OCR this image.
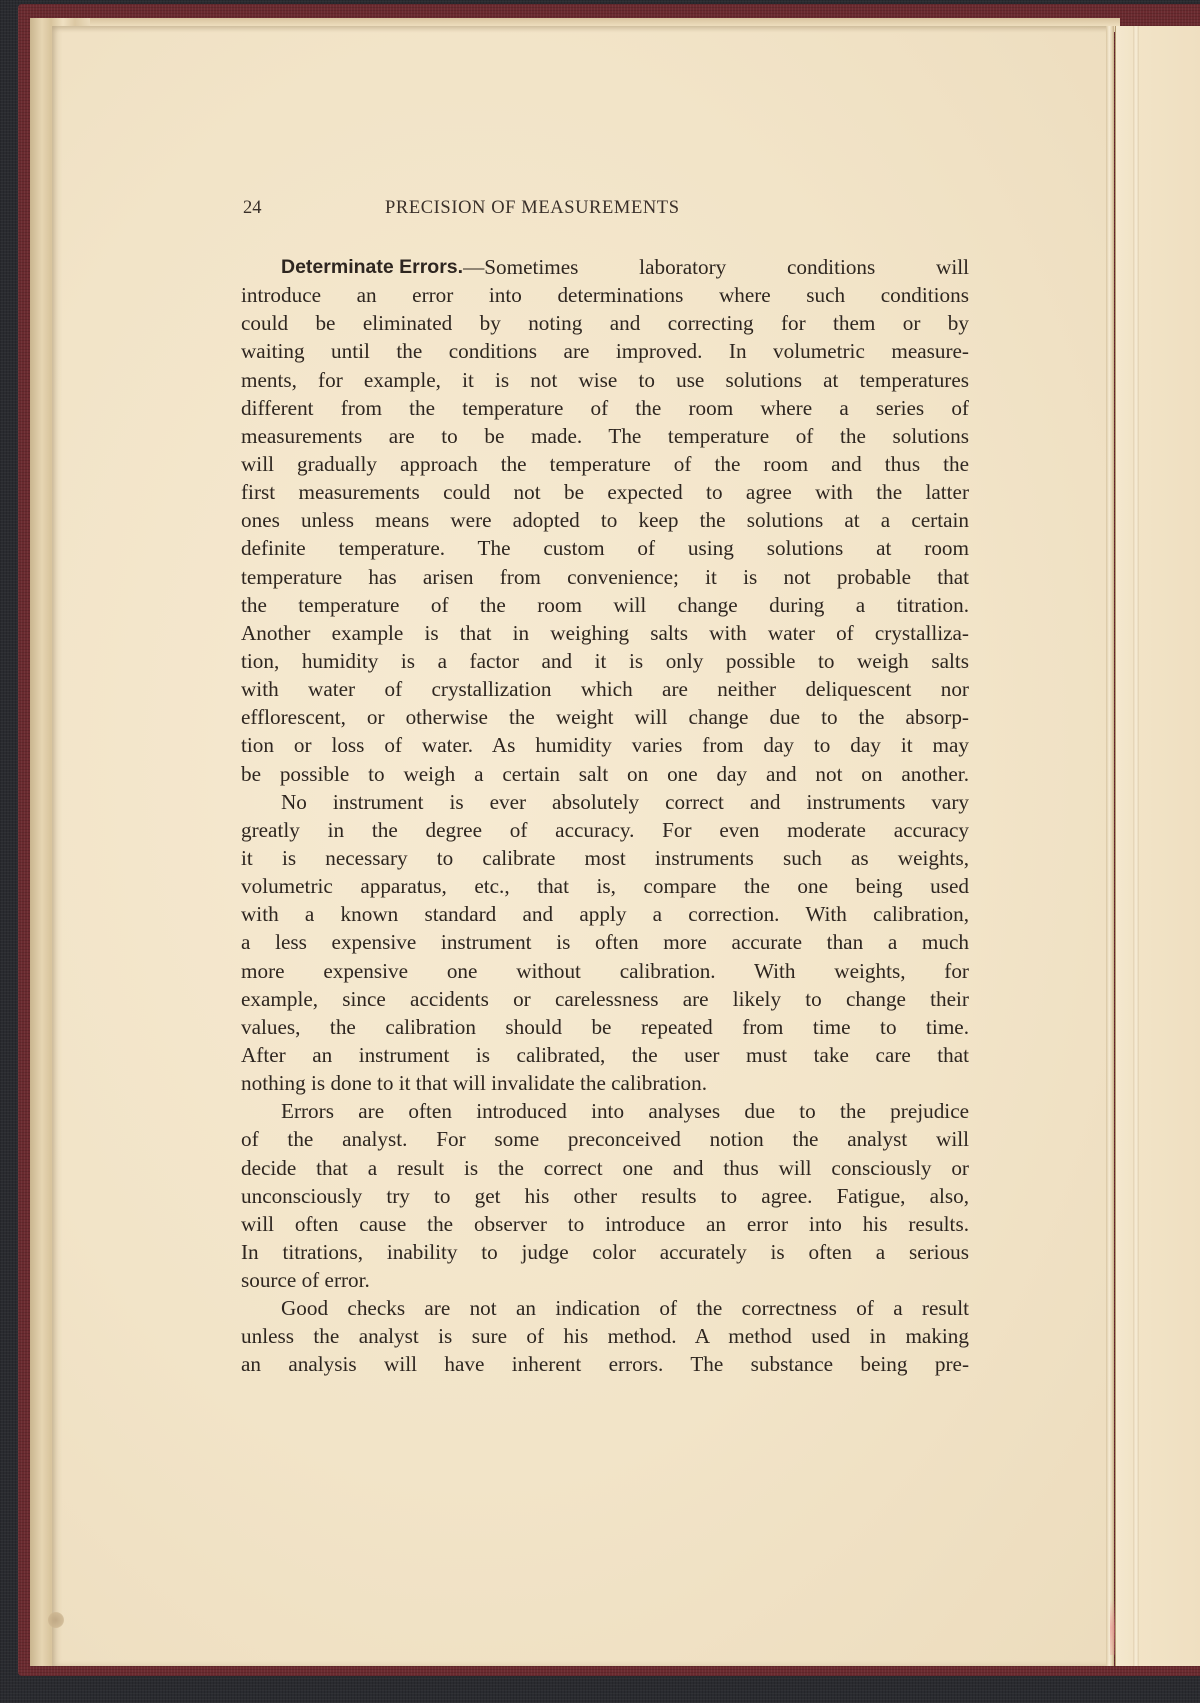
24	PRECISION OF MEASUREMENTS
Determinate Errors. —Sometimes laboratory conditions will
introduce an error into determinations where such conditions
could be eliminated by noting and correcting for them or by
waiting until the conditions are improved. In volumetric measure-
ments, for example, it is not wise to use solutions at temperatures
different from the temperature of the room where a series of
measurements are to be made. The temperature of the solutions
will gradually approach the temperature of the room and thus the
first measurements could not be expected to agree with the latter
ones unless means were adopted to keep the solutions at a certain
definite temperature. The custom of using solutions at room
temperature has arisen from convenience; it is not probable that
the temperature of the room will change during a titration.
Another example is that in weighing salts with water of crystalliza-
tion, humidity is a factor and it is only possible to weigh salts
with water of crystallization which are neither deliquescent nor
efflorescent, or otherwise the weight will change due to the absorp-
tion or loss of water. As humidity varies from day to day it may
be possible to weigh a certain salt on one day and not on another.
No instrument is ever absolutely correct and instruments vary
greatly in the degree of accuracy. For even moderate accuracy
it is necessary to calibrate most instruments such as weights,
volumetric apparatus, etc., that is, compare the one being used
with a known standard and apply a correction. With calibration,
a less expensive instrument is often more accurate than a much
more expensive one without calibration. With weights, for
example, since accidents or carelessness are likely to change their
values, the calibration should be repeated from time to time.
After an instrument is calibrated, the user must take care that
nothing is done to it that will invalidate the calibration.
Errors are often introduced into analyses due to the prejudice
of the analyst. For some preconceived notion the analyst will
decide that a result is the correct one and thus will consciously or
unconsciously try to get his other results to agree. Fatigue, also,
will often cause the observer to introduce an error into his results.
In titrations, inability to judge color accurately is often a serious
source of error.
Good checks are not an indication of the correctness of a result
unless the analyst is sure of his method. A method used in making
an analysis will have inherent errors. The substance being pre-
